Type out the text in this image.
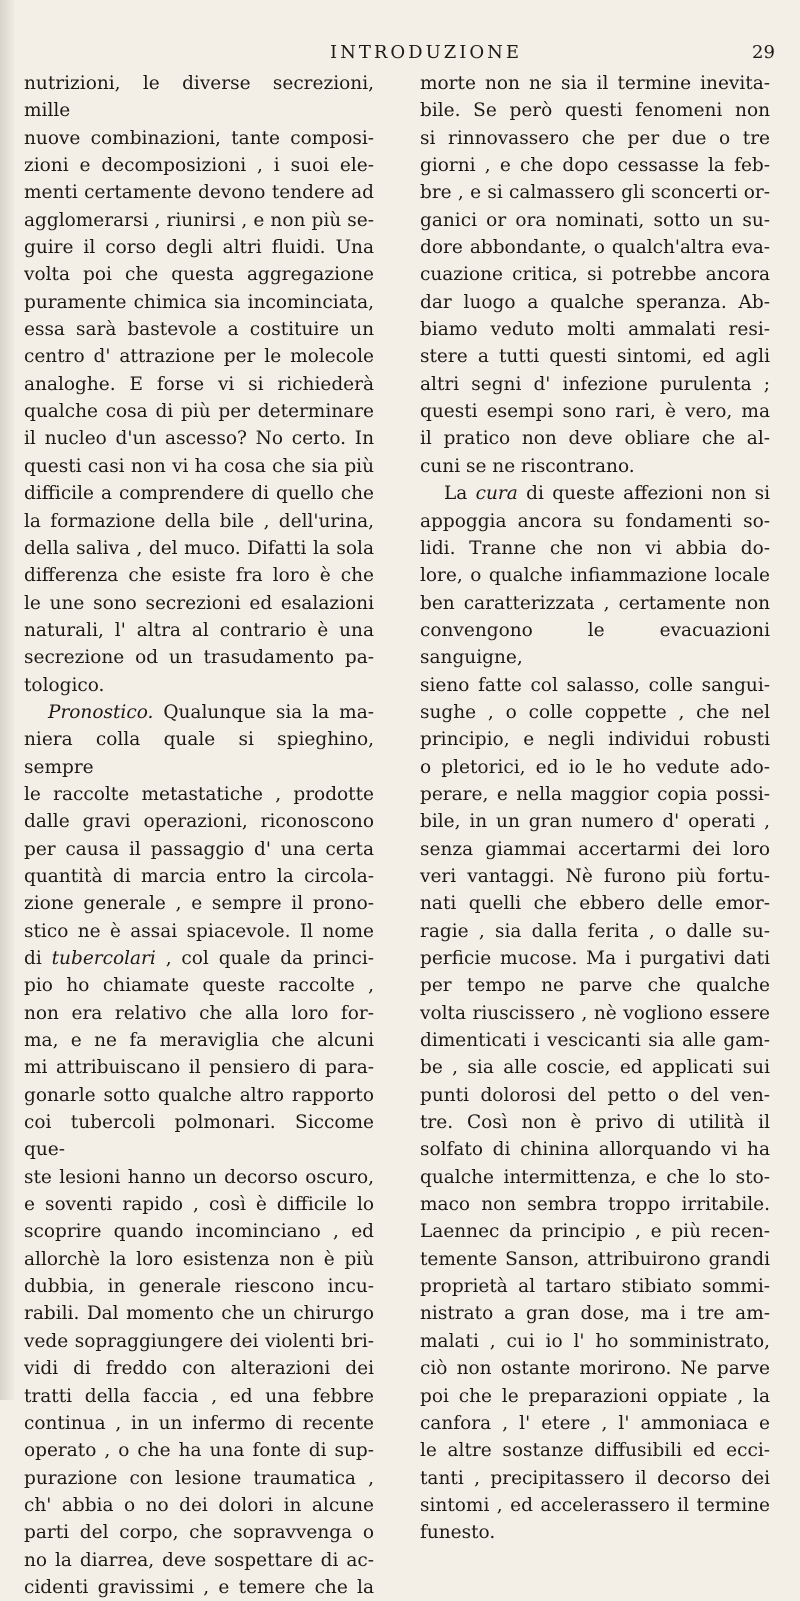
INTRODUZIONE	29

nutrizioni, le diverse secrezioni, mille

nuove combinazioni, tante composi-

zioni e decomposizioni , i suoi ele-

menti certamente devono tendere ad

agglomerarsi , riunirsi , e non più se-

guire il corso degli altri fluidi. Una

volta poi che questa aggregazione

puramente chimica sia incominciata,

essa sarà bastevole a costituire un

centro d' attrazione per le molecole

analoghe. E forse vi si richiederà

qualche cosa di più per determinare

il nucleo d'un ascesso? No certo. In

questi casi non vi ha cosa che sia più

difficile a comprendere di quello che

la formazione della bile , dell'urina,

della saliva , del muco. Difatti la sola

differenza che esiste fra loro è che

le une sono secrezioni ed esalazioni

naturali, l' altra al contrario è una

secrezione od un trasudamento pa-

tologico.

Pronostico. Qualunque sia la ma-

niera colla quale si spieghino, sempre

le raccolte metastatiche , prodotte

dalle gravi operazioni, riconoscono

per causa il passaggio d' una certa

quantità di marcia entro la circola-

zione generale , e sempre il prono-

stico ne è assai spiacevole. Il nome

di tubercolari , col quale da princi-

pio ho chiamate queste raccolte ,

non era relativo che alla loro for-

ma, e ne fa meraviglia che alcuni

mi attribuiscano il pensiero di para-

gonarle sotto qualche altro rapporto

coi tubercoli polmonari. Siccome que-

ste lesioni hanno un decorso oscuro,

e soventi rapido , così è difficile lo

scoprire quando incominciano , ed

allorchè la loro esistenza non è più

dubbia, in generale riescono incu-

rabili. Dal momento che un chirurgo

vede sopraggiungere dei violenti bri-

vidi di freddo con alterazioni dei

tratti della faccia , ed una febbre

continua , in un infermo di recente

operato , o che ha una fonte di sup-

purazione con lesione traumatica ,

ch' abbia o no dei dolori in alcune

parti del corpo, che sopravvenga o

no la diarrea, deve sospettare di ac-

cidenti gravissimi , e temere che la

morte non ne sia il termine inevita-

bile. Se però questi fenomeni non

si rinnovassero che per due o tre

giorni , e che dopo cessasse la feb-

bre , e si calmassero gli sconcerti or-

ganici or ora nominati, sotto un su-

dore abbondante, o qualch'altra eva-

cuazione critica, si potrebbe ancora

dar luogo a qualche speranza. Ab-

biamo veduto molti ammalati resi-

stere a tutti questi sintomi, ed agli

altri segni d' infezione purulenta ;

questi esempi sono rari, è vero, ma

il pratico non deve obliare che al-

cuni se ne riscontrano.

La cura di queste affezioni non si

appoggia ancora su fondamenti so-

lidi. Tranne che non vi abbia do-

lore, o qualche infiammazione locale

ben caratterizzata , certamente non

convengono le evacuazioni sanguigne,

sieno fatte col salasso, colle sangui-

sughe , o colle coppette , che nel

principio, e negli individui robusti

o pletorici, ed io le ho vedute ado-

perare, e nella maggior copia possi-

bile, in un gran numero d' operati ,

senza giammai accertarmi dei loro

veri vantaggi. Nè furono più fortu-

nati quelli che ebbero delle emor-

ragie , sia dalla ferita , o dalle su-

perficie mucose. Ma i purgativi dati

per tempo ne parve che qualche

volta riuscissero , nè vogliono essere

dimenticati i vescicanti sia alle gam-

be , sia alle coscie, ed applicati sui

punti dolorosi del petto o del ven-

tre. Così non è privo di utilità il

solfato di chinina allorquando vi ha

qualche intermittenza, e che lo sto-

maco non sembra troppo irritabile.

Laennec da principio , e più recen-

temente Sanson, attribuirono grandi

proprietà al tartaro stibiato sommi-

nistrato a gran dose, ma i tre am-

malati , cui io l' ho somministrato,

ciò non ostante morirono. Ne parve

poi che le preparazioni oppiate , la

canfora , l' etere , l' ammoniaca e

le altre sostanze diffusibili ed ecci-

tanti , precipitassero il decorso dei

sintomi , ed accelerassero il termine

funesto.
